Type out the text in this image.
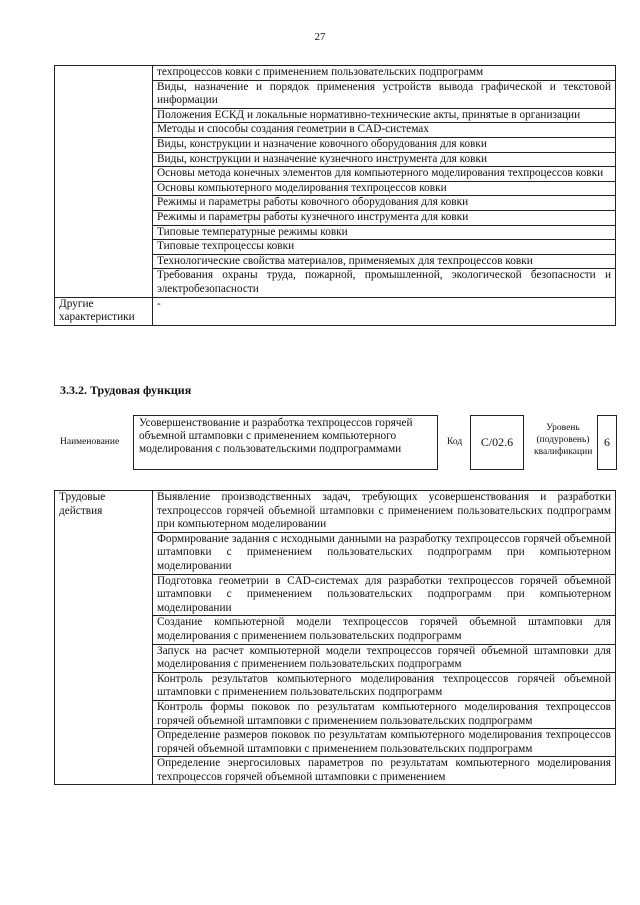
27
	техпроцессов ковки с применением пользовательских подпрограмм
	Виды, назначение и порядок применения устройств вывода графической и текстовой информации
	Положения ЕСКД и локальные нормативно-технические акты, принятые в организации
	Методы и способы создания геометрии в CAD-системах
	Виды, конструкции и назначение ковочного оборудования для ковки
	Виды, конструкции и назначение кузнечного инструмента для ковки
	Основы метода конечных элементов для компьютерного моделирования техпроцессов ковки
	Основы компьютерного моделирования техпроцессов ковки
	Режимы и параметры работы ковочного оборудования для ковки
	Режимы и параметры работы кузнечного инструмента для ковки
	Типовые температурные режимы ковки
	Типовые техпроцессы ковки
	Технологические свойства материалов, применяемых для техпроцессов ковки
	Требования охраны труда, пожарной, промышленной, экологической безопасности и электробезопасности
Другие характеристики	-
3.3.2. Трудовая функция
Наименование
Усовершенствование и разработка техпроцессов горячей объемной штамповки с применением компьютерного моделирования с пользовательскими подпрограммами
Код	C/02.6
Уровень (подуровень) квалификации
6
Трудовые действия	Выявление производственных задач, требующих усовершенствования и разработки техпроцессов горячей объемной штамповки с применением пользовательских подпрограмм при компьютерном моделировании
Формирование задания с исходными данными на разработку техпроцессов горячей объемной штамповки с применением пользовательских подпрограмм при компьютерном моделировании
Подготовка геометрии в CAD-системах для разработки техпроцессов горячей объемной штамповки с применением пользовательских подпрограмм при компьютерном моделировании
Создание компьютерной модели техпроцессов горячей объемной штамповки для моделирования с применением пользовательских подпрограмм
Запуск на расчет компьютерной модели техпроцессов горячей объемной штамповки для моделирования с применением пользовательских подпрограмм
Контроль результатов компьютерного моделирования техпроцессов горячей объемной штамповки с применением пользовательских подпрограмм
Контроль формы поковок по результатам компьютерного моделирования техпроцессов горячей объемной штамповки с применением пользовательских подпрограмм
Определение размеров поковок по результатам компьютерного моделирования техпроцессов горячей объемной штамповки с применением пользовательских подпрограмм
Определение энергосиловых параметров по результатам компьютерного моделирования техпроцессов горячей объемной штамповки с применением
